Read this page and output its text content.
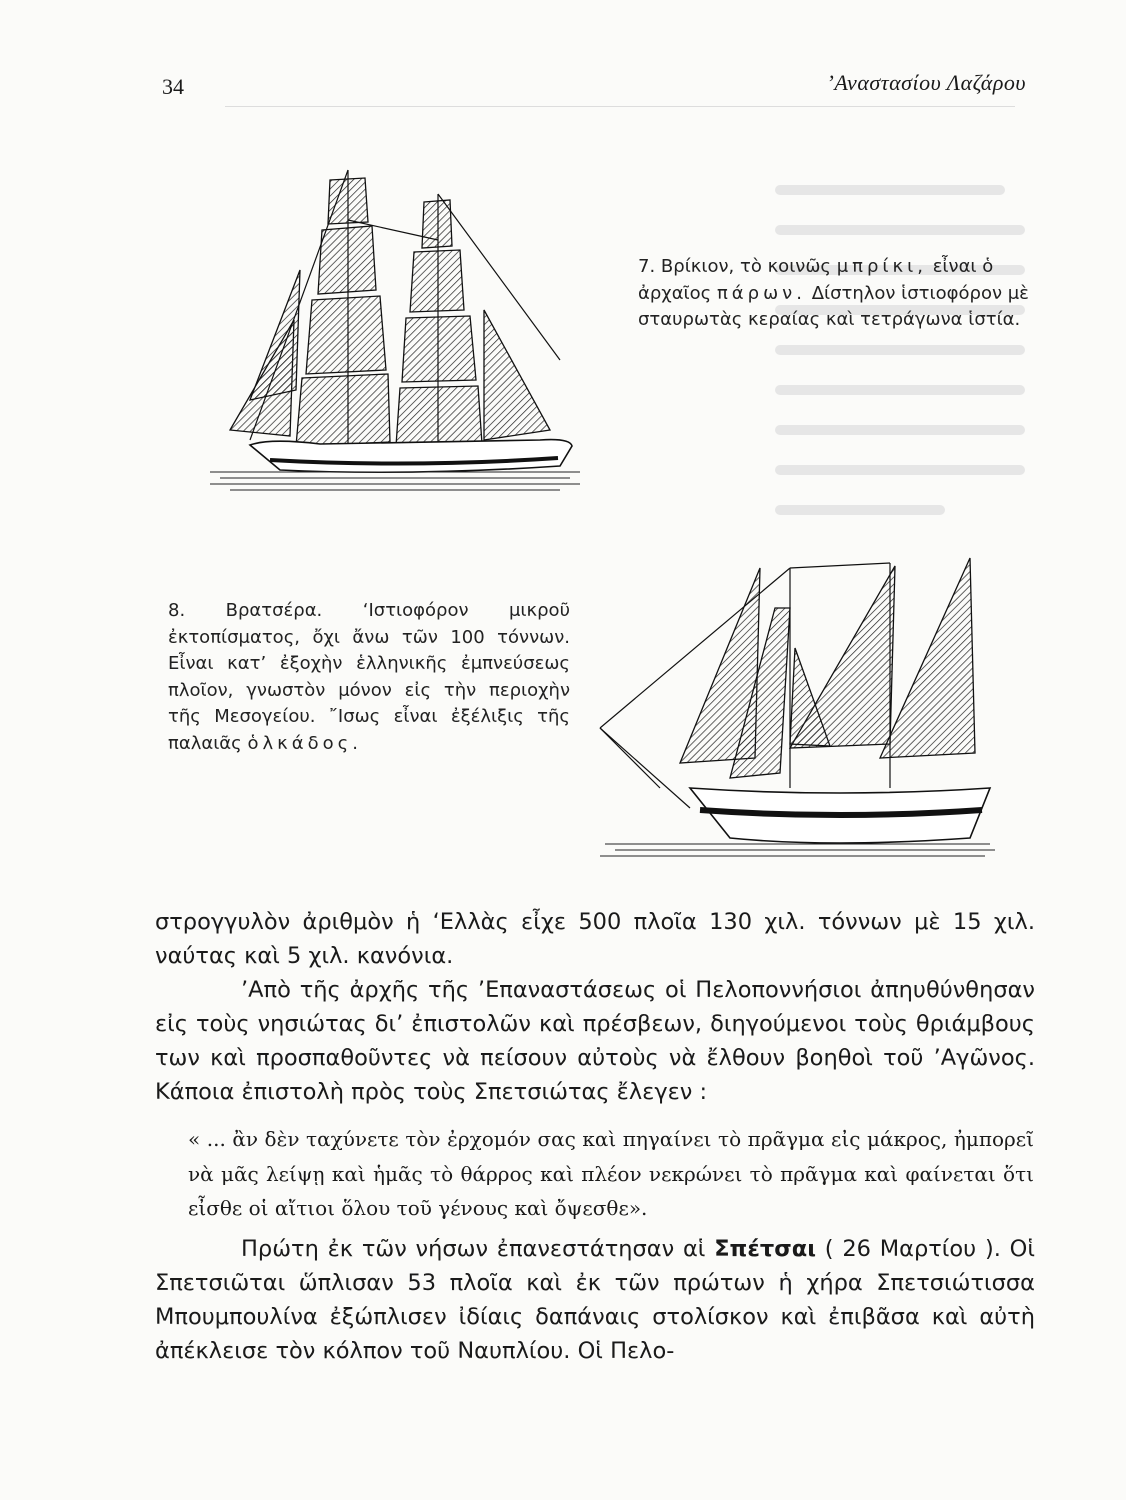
34	’Αναστασίου Λαζάρου
7. Βρίκιον, τὸ κοινῶς μπρίκι, εἶναι ὁ ἀρχαῖος πάρων. Δίστηλον ἱστιοφόρον μὲ σταυρωτὰς κεραίας καὶ τετράγωνα ἱστία.
8. Βρατσέρα. ‘Ιστιοφόρον μικροῦ ἐκτοπίσματος, ὄχι ἄνω τῶν 100 τόννων. Εἶναι κατ’ ἐξοχὴν ἑλληνικῆς ἐμπνεύσεως πλοῖον, γνωστὸν μόνον εἰς τὴν περιοχὴν τῆς Μεσογείου. ῎Ισως εἶναι ἐξέλιξις τῆς παλαιᾶς ὁλκάδος.

στρογγυλὸν ἀριθμὸν ἡ ‘Ελλὰς εἶχε 500 πλοῖα 130 χιλ. τόννων μὲ 15 χιλ. ναύτας καὶ 5 χιλ. κανόνια.

’Απὸ τῆς ἀρχῆς τῆς ’Επαναστάσεως οἱ Πελοποννήσιοι ἀπηυθύνθησαν εἰς τοὺς νησιώτας δι’ ἐπιστολῶν καὶ πρέσβεων, διηγούμενοι τοὺς θριάμβους των καὶ προσπαθοῦντες νὰ πείσουν αὐτοὺς νὰ ἔλθουν βοηθοὶ τοῦ ’Αγῶνος. Κάποια ἐπιστολὴ πρὸς τοὺς Σπετσιώτας ἔλεγεν :

« ... ἂν δὲν ταχύνετε τὸν ἐρχομόν σας καὶ πηγαίνει τὸ πρᾶγμα εἰς μάκρος, ἠμπορεῖ νὰ μᾶς λείψῃ καὶ ἡμᾶς τὸ θάρρος καὶ πλέον νεκρώνει τὸ πρᾶγμα καὶ φαίνεται ὅτι εἶσθε οἱ αἴτιοι ὅλου τοῦ γένους καὶ ὄψεσθε».

Πρώτη ἐκ τῶν νήσων ἐπανεστάτησαν αἱ Σπέτσαι ( 26 Μαρτίου ). Οἱ Σπετσιῶται ὥπλισαν 53 πλοῖα καὶ ἐκ τῶν πρώτων ἡ χήρα Σπετσιώτισσα Μπουμπουλίνα ἐξώπλισεν ἰδίαις δαπάναις στολίσκον καὶ ἐπιβᾶσα καὶ αὐτὴ ἀπέκλεισε τὸν κόλπον τοῦ Ναυπλίου. Οἱ Πελο-
